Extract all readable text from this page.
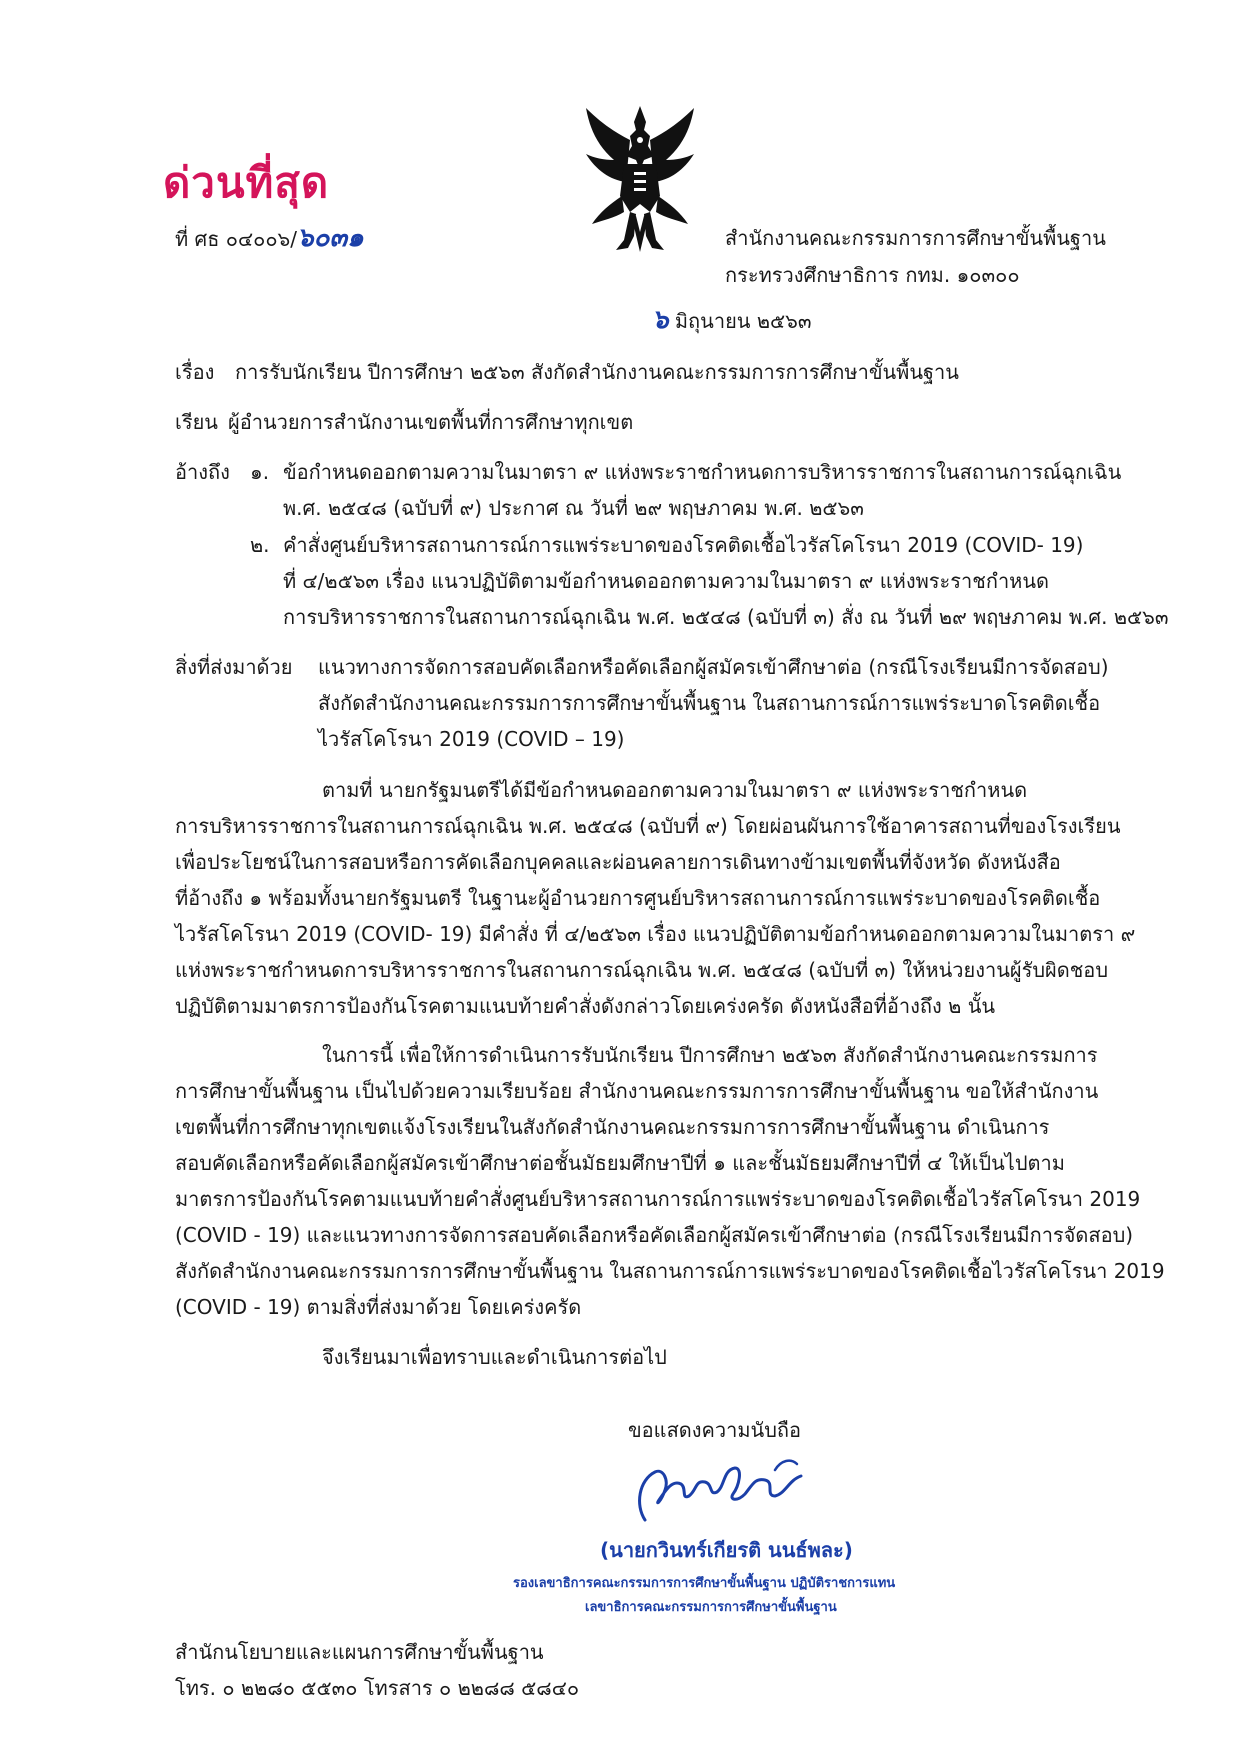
ด่วนที่สุด
ที่ ศธ ๐๔๐๐๖/๖๐๓๑	สำนักงานคณะกรรมการการศึกษาขั้นพื้นฐาน
กระทรวงศึกษาธิการ กทม. ๑๐๓๐๐
๖ มิถุนายน ๒๕๖๓
เรื่อง การรับนักเรียน ปีการศึกษา ๒๕๖๓ สังกัดสำนักงานคณะกรรมการการศึกษาขั้นพื้นฐาน
เรียน ผู้อำนวยการสำนักงานเขตพื้นที่การศึกษาทุกเขต
อ้างถึง ๑. ข้อกำหนดออกตามความในมาตรา ๙ แห่งพระราชกำหนดการบริหารราชการในสถานการณ์ฉุกเฉิน
พ.ศ. ๒๕๔๘ (ฉบับที่ ๙) ประกาศ ณ วันที่ ๒๙ พฤษภาคม พ.ศ. ๒๕๖๓
๒. คำสั่งศูนย์บริหารสถานการณ์การแพร่ระบาดของโรคติดเชื้อไวรัสโคโรนา 2019 (COVID- 19)
ที่ ๔/๒๕๖๓ เรื่อง แนวปฏิบัติตามข้อกำหนดออกตามความในมาตรา ๙ แห่งพระราชกำหนด
การบริหารราชการในสถานการณ์ฉุกเฉิน พ.ศ. ๒๕๔๘ (ฉบับที่ ๓) สั่ง ณ วันที่ ๒๙ พฤษภาคม พ.ศ. ๒๕๖๓
สิ่งที่ส่งมาด้วย แนวทางการจัดการสอบคัดเลือกหรือคัดเลือกผู้สมัครเข้าศึกษาต่อ (กรณีโรงเรียนมีการจัดสอบ)
สังกัดสำนักงานคณะกรรมการการศึกษาขั้นพื้นฐาน ในสถานการณ์การแพร่ระบาดโรคติดเชื้อ
ไวรัสโคโรนา 2019 (COVID – 19)
ตามที่ นายกรัฐมนตรีได้มีข้อกำหนดออกตามความในมาตรา ๙ แห่งพระราชกำหนด
การบริหารราชการในสถานการณ์ฉุกเฉิน พ.ศ. ๒๕๔๘ (ฉบับที่ ๙) โดยผ่อนผันการใช้อาคารสถานที่ของโรงเรียน
เพื่อประโยชน์ในการสอบหรือการคัดเลือกบุคคลและผ่อนคลายการเดินทางข้ามเขตพื้นที่จังหวัด ดังหนังสือ
ที่อ้างถึง ๑ พร้อมทั้งนายกรัฐมนตรี ในฐานะผู้อำนวยการศูนย์บริหารสถานการณ์การแพร่ระบาดของโรคติดเชื้อ
ไวรัสโคโรนา 2019 (COVID- 19) มีคำสั่ง ที่ ๔/๒๕๖๓ เรื่อง แนวปฏิบัติตามข้อกำหนดออกตามความในมาตรา ๙
แห่งพระราชกำหนดการบริหารราชการในสถานการณ์ฉุกเฉิน พ.ศ. ๒๕๔๘ (ฉบับที่ ๓) ให้หน่วยงานผู้รับผิดชอบ
ปฏิบัติตามมาตรการป้องกันโรคตามแนบท้ายคำสั่งดังกล่าวโดยเคร่งครัด ดังหนังสือที่อ้างถึง ๒ นั้น
ในการนี้ เพื่อให้การดำเนินการรับนักเรียน ปีการศึกษา ๒๕๖๓ สังกัดสำนักงานคณะกรรมการ
การศึกษาขั้นพื้นฐาน เป็นไปด้วยความเรียบร้อย สำนักงานคณะกรรมการการศึกษาขั้นพื้นฐาน ขอให้สำนักงาน
เขตพื้นที่การศึกษาทุกเขตแจ้งโรงเรียนในสังกัดสำนักงานคณะกรรมการการศึกษาขั้นพื้นฐาน ดำเนินการ
สอบคัดเลือกหรือคัดเลือกผู้สมัครเข้าศึกษาต่อชั้นมัธยมศึกษาปีที่ ๑ และชั้นมัธยมศึกษาปีที่ ๔ ให้เป็นไปตาม
มาตรการป้องกันโรคตามแนบท้ายคำสั่งศูนย์บริหารสถานการณ์การแพร่ระบาดของโรคติดเชื้อไวรัสโคโรนา 2019
(COVID - 19) และแนวทางการจัดการสอบคัดเลือกหรือคัดเลือกผู้สมัครเข้าศึกษาต่อ (กรณีโรงเรียนมีการจัดสอบ)
สังกัดสำนักงานคณะกรรมการการศึกษาขั้นพื้นฐาน ในสถานการณ์การแพร่ระบาดของโรคติดเชื้อไวรัสโคโรนา 2019
(COVID - 19) ตามสิ่งที่ส่งมาด้วย โดยเคร่งครัด
จึงเรียนมาเพื่อทราบและดำเนินการต่อไป
ขอแสดงความนับถือ
(นายกวินทร์เกียรติ นนธ์พละ)
รองเลขาธิการคณะกรรมการการศึกษาขั้นพื้นฐาน ปฏิบัติราชการแทน
เลขาธิการคณะกรรมการการศึกษาขั้นพื้นฐาน
สำนักนโยบายและแผนการศึกษาขั้นพื้นฐาน
โทร. ๐ ๒๒๘๐ ๕๕๓๐ โทรสาร ๐ ๒๒๘๘ ๕๘๔๐
